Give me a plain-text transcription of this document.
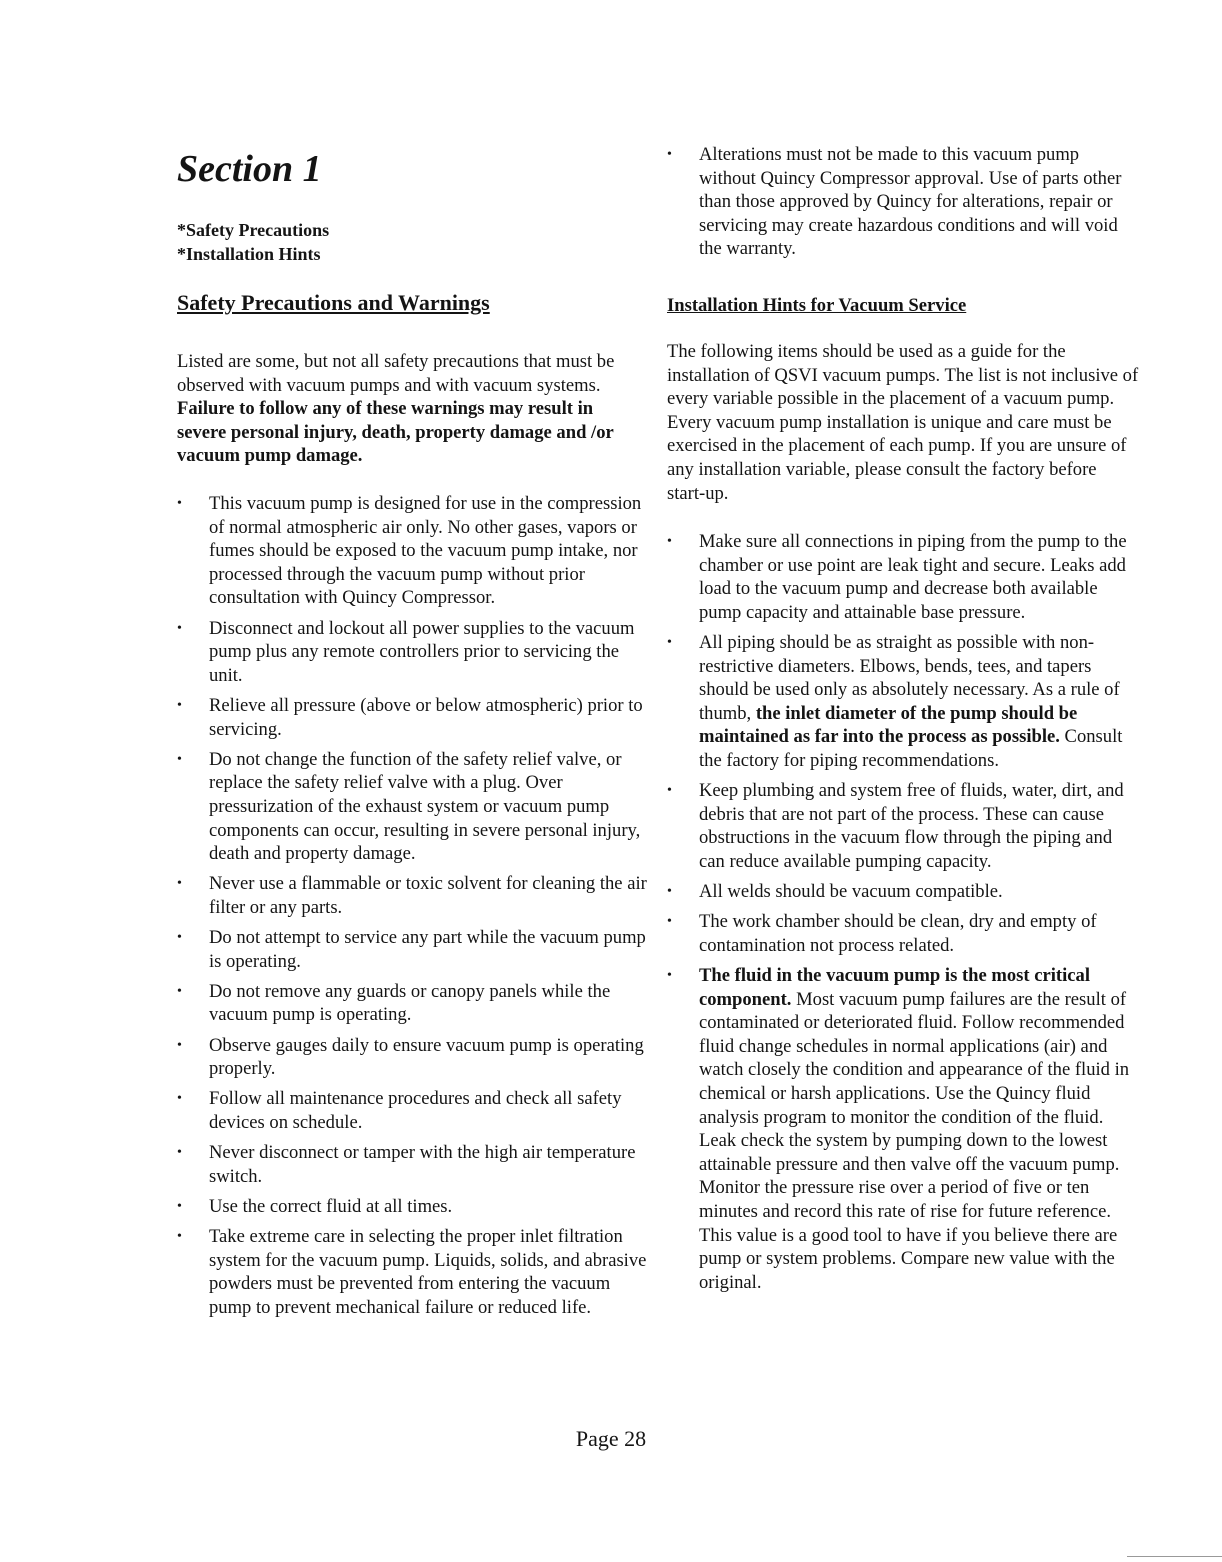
Section 1
*Safety Precautions
*Installation Hints
Safety Precautions and Warnings

Listed are some, but not all safety precautions that must be observed with vacuum pumps and with vacuum systems. Failure to follow any of these warnings may result in severe personal injury, death, property damage and /or vacuum pump damage.

• This vacuum pump is designed for use in the compression of normal atmospheric air only. No other gases, vapors or fumes should be exposed to the vacuum pump intake, nor processed through the vacuum pump without prior consultation with Quincy Compressor.
• Disconnect and lockout all power supplies to the vacuum pump plus any remote controllers prior to servicing the unit.
• Relieve all pressure (above or below atmospheric) prior to servicing.
• Do not change the function of the safety relief valve, or replace the safety relief valve with a plug. Over pressurization of the exhaust system or vacuum pump components can occur, resulting in severe personal injury, death and property damage.
• Never use a flammable or toxic solvent for cleaning the air filter or any parts.
• Do not attempt to service any part while the vacuum pump is operating.
• Do not remove any guards or canopy panels while the vacuum pump is operating.
• Observe gauges daily to ensure vacuum pump is operating properly.
• Follow all maintenance procedures and check all safety devices on schedule.
• Never disconnect or tamper with the high air temperature switch.
• Use the correct fluid at all times.
• Take extreme care in selecting the proper inlet filtration system for the vacuum pump. Liquids, solids, and abrasive powders must be prevented from entering the vacuum pump to prevent mechanical failure or reduced life.
• Alterations must not be made to this vacuum pump without Quincy Compressor approval. Use of parts other than those approved by Quincy for alterations, repair or servicing may create hazardous conditions and will void the warranty.
Installation Hints for Vacuum Service

The following items should be used as a guide for the installation of QSVI vacuum pumps. The list is not inclusive of every variable possible in the placement of a vacuum pump. Every vacuum pump installation is unique and care must be exercised in the placement of each pump. If you are unsure of any installation variable, please consult the factory before start-up.

• Make sure all connections in piping from the pump to the chamber or use point are leak tight and secure. Leaks add load to the vacuum pump and decrease both available pump capacity and attainable base pressure.
• All piping should be as straight as possible with non-restrictive diameters. Elbows, bends, tees, and tapers should be used only as absolutely necessary. As a rule of thumb, the inlet diameter of the pump should be maintained as far into the process as possible. Consult the factory for piping recommendations.
• Keep plumbing and system free of fluids, water, dirt, and debris that are not part of the process. These can cause obstructions in the vacuum flow through the piping and can reduce available pumping capacity.
• All welds should be vacuum compatible.
• The work chamber should be clean, dry and empty of contamination not process related.
• The fluid in the vacuum pump is the most critical component. Most vacuum pump failures are the result of contaminated or deteriorated fluid. Follow recommended fluid change schedules in normal applications (air) and watch closely the condition and appearance of the fluid in chemical or harsh applications. Use the Quincy fluid analysis program to monitor the condition of the fluid. Leak check the system by pumping down to the lowest attainable pressure and then valve off the vacuum pump. Monitor the pressure rise over a period of five or ten minutes and record this rate of rise for future reference. This value is a good tool to have if you believe there are pump or system problems. Compare new value with the original.
Page 28
